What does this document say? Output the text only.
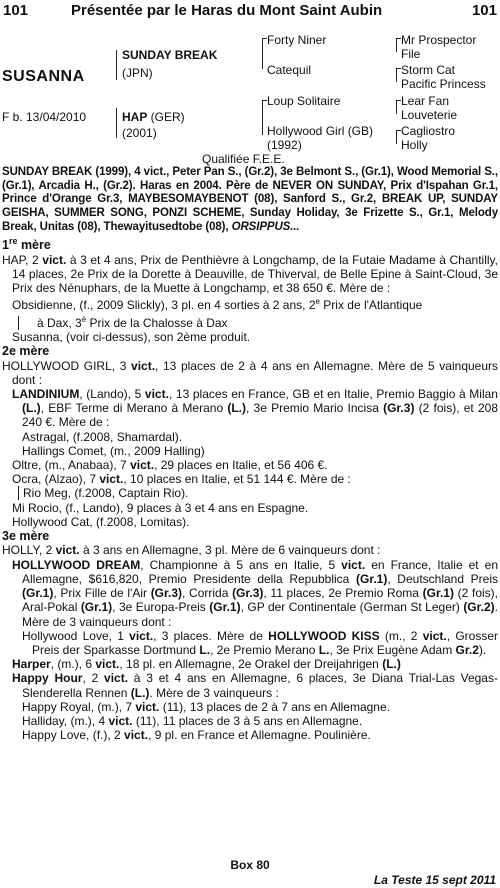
101	Présentée par le Haras du Mont Saint Aubin	101
SUSANNA
F b. 13/04/2010
SUNDAY BREAK
(JPN)
HAP (GER)
(2001)
Forty Niner
Catequil
Loup Solitaire
Hollywood Girl (GB)
(1992)
Mr Prospector
File
Storm Cat
Pacific Princess
Lear Fan
Louveterie
Cagliostro
Holly

Qualifiée F.E.E.

SUNDAY BREAK (1999), 4 vict., Peter Pan S., (Gr.2), 3e Belmont S., (Gr.1), Wood Memorial S., (Gr.1), Arcadia H., (Gr.2). Haras en 2004. Père de NEVER ON SUNDAY, Prix d'Ispahan Gr.1, Prince d'Orange Gr.3, MAYBESOMAYBENOT (08), Sanford S., Gr.2, BREAK UP, SUNDAY GEISHA, SUMMER SONG, PONZI SCHEME, Sunday Holiday, 3e Frizette S., Gr.1, Melody Break, Unitas (08), Thewayitusedtobe (08), ORSIPPUS...

1re mère

HAP, 2 vict. à 3 et 4 ans, Prix de Penthièvre à Longchamp, de la Futaie Madame à Chantilly, 14 places, 2e Prix de la Dorette à Deauville, de Thiverval, de Belle Epine à Saint-Cloud, 3e Prix des Nénuphars, de la Muette à Longchamp, et 38 650 €. Mère de :

Obsidienne, (f., 2009 Slickly), 3 pl. en 4 sorties à 2 ans, 2e Prix de l'Atlantique

à Dax, $3^è$ Prix de la Chalosse à Dax

Susanna, (voir ci-dessus), son 2ème produit.

2e mère

HOLLYWOOD GIRL, 3 vict., 13 places de 2 à 4 ans en Allemagne. Mère de 5 vainqueurs dont :

LANDINIUM, (Lando), 5 vict., 13 places en France, GB et en Italie, Premio Baggio à Milan (L.), EBF Terme di Merano à Merano (L.), 3e Premio Mario Incisa (Gr.3) (2 fois), et 208 240 €. Mère de :

Astragal, (f.2008, Shamardal).

Hallings Comet, (m., 2009 Halling)

Oltre, (m., Anabaa), 7 vict., 29 places en Italie, et 56 406 €.

Ocra, (Alzao), 7 vict., 10 places en Italie, et 51 144 €. Mère de :

Rio Meg, (f.2008, Captain Rio).

Mi Rocio, (f., Lando), 9 places à 3 et 4 ans en Espagne.

Hollywood Cat, (f.2008, Lomitas).

3e mère

HOLLY, 2 vict. à 3 ans en Allemagne, 3 pl. Mère de 6 vainqueurs dont :

HOLLYWOOD DREAM, Championne à 5 ans en Italie, 5 vict. en France, Italie et en Allemagne, $616,820, Premio Presidente della Repubblica (Gr.1), Deutschland Preis (Gr.1), Prix Fille de l'Air (Gr.3), Corrida (Gr.3), 11 places, 2e Premio Roma (Gr.1) (2 fois), Aral-Pokal (Gr.1), 3e Europa-Preis (Gr.1), GP der Continentale (German St Leger) (Gr.2). Mère de 3 vainqueurs dont :

Hollywood Love, 1 vict., 3 places. Mère de HOLLYWOOD KISS (m., 2 vict., Grosser Preis der Sparkasse Dortmund L., 2e Premio Merano L., 3e Prix Eugène Adam Gr.2).

Harper, (m.), 6 vict., 18 pl. en Allemagne, 2e Orakel der Dreijahrigen (L.)

Happy Hour, 2 vict. à 3 et 4 ans en Allemagne, 6 places, 3e Diana Trial-Las Vegas-Slenderella Rennen (L.). Mère de 3 vainqueurs :

Happy Royal, (m.), 7 vict. (11), 13 places de 2 à 7 ans en Allemagne.

Halliday, (m.), 4 vict. (11), 11 places de 3 à 5 ans en Allemagne.

Happy Love, (f.), 2 vict., 9 pl. en France et Allemagne. Poulinière.

Box 80
La Teste 15 sept 2011
